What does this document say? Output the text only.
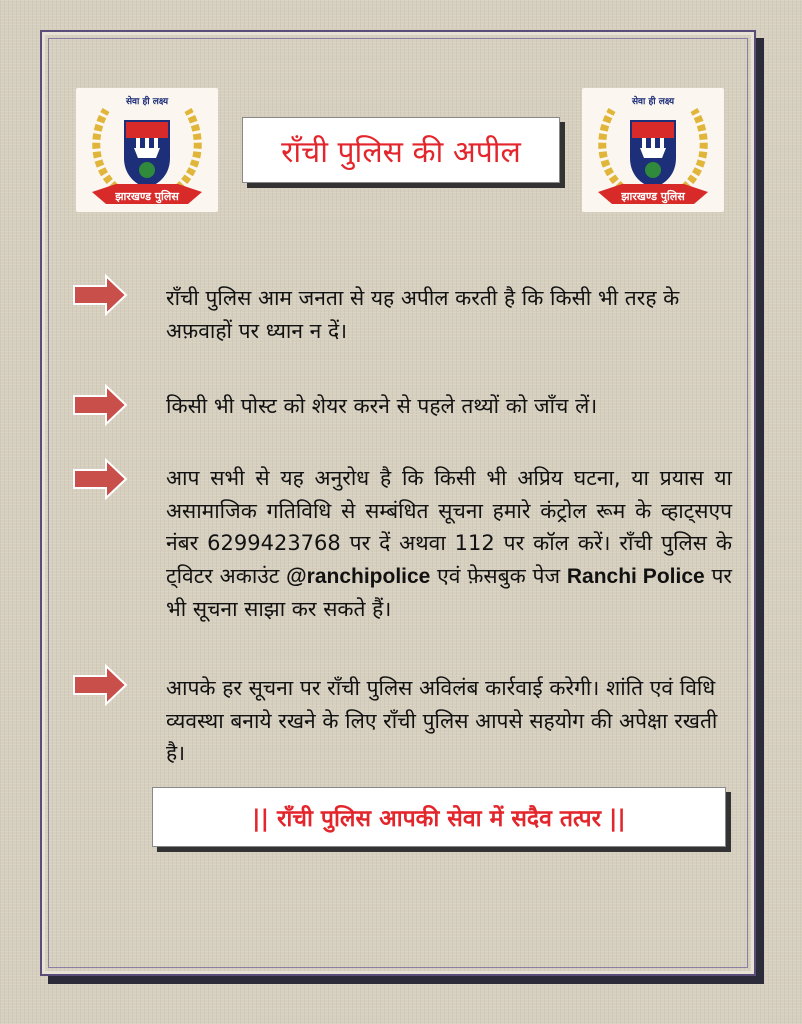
झारखण्ड पुलिस
सेवा ही लक्ष्य
राँची पुलिस की अपील
झारखण्ड पुलिस
सेवा ही लक्ष्य
राँची पुलिस आम जनता से यह अपील करती है कि किसी भी तरह के अफ़वाहों पर ध्यान न दें।
किसी भी पोस्ट को शेयर करने से पहले तथ्यों को जाँच लें।
आप सभी से यह अनुरोध है कि किसी भी अप्रिय घटना, या प्रयास या असामाजिक गतिविधि से सम्बंधित सूचना हमारे कंट्रोल रूम के व्हाट्सएप नंबर 6299423768 पर दें अथवा 112 पर कॉल करें। राँची पुलिस के ट्विटर अकाउंट @ranchipolice एवं फ़ेसबुक पेज Ranchi Police पर भी सूचना साझा कर सकते हैं।
आपके हर सूचना पर राँची पुलिस अविलंब कार्रवाई करेगी। शांति एवं विधि व्यवस्था बनाये रखने के लिए राँची पुलिस आपसे सहयोग की अपेक्षा रखती है।
|| राँची पुलिस आपकी सेवा में सदैव तत्पर ||
